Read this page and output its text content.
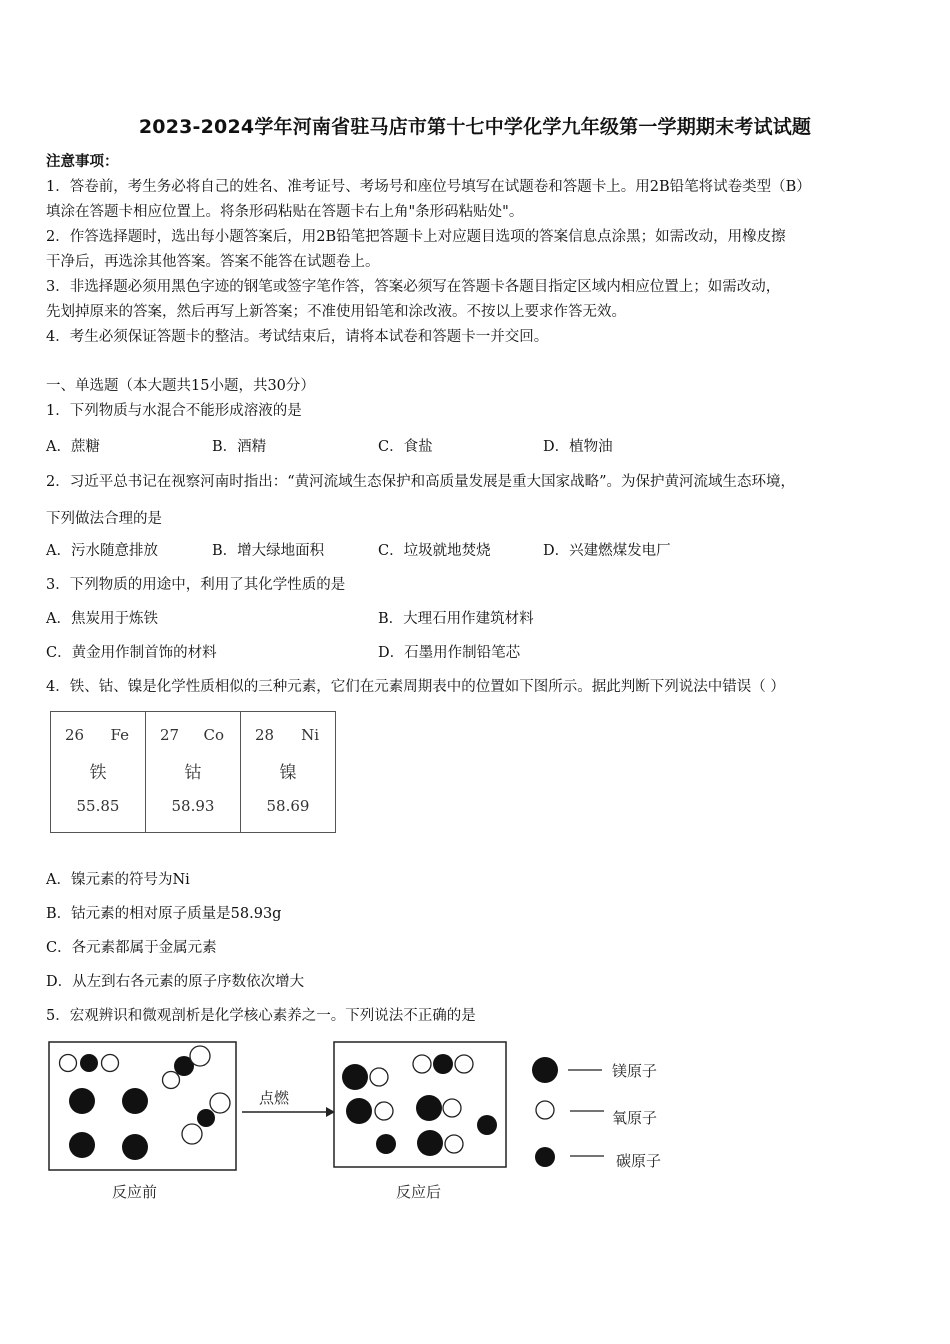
2023-2024学年河南省驻马店市第十七中学化学九年级第一学期期末考试试题
注意事项：
1．答卷前，考生务必将自己的姓名、准考证号、考场号和座位号填写在试题卷和答题卡上。用2B铅笔将试卷类型（B）
填涂在答题卡相应位置上。将条形码粘贴在答题卡右上角"条形码粘贴处"。
2．作答选择题时，选出每小题答案后，用2B铅笔把答题卡上对应题目选项的答案信息点涂黑；如需改动，用橡皮擦
干净后，再选涂其他答案。答案不能答在试题卷上。
3．非选择题必须用黑色字迹的钢笔或签字笔作答，答案必须写在答题卡各题目指定区域内相应位置上；如需改动，
先划掉原来的答案，然后再写上新答案；不准使用铅笔和涂改液。不按以上要求作答无效。
4．考生必须保证答题卡的整洁。考试结束后，请将本试卷和答题卡一并交回。
一、单选题（本大题共15小题，共30分）
1．下列物质与水混合不能形成溶液的是
A．蔗糖	B．酒精	C．食盐	D．植物油
2．习近平总书记在视察河南时指出：“黄河流域生态保护和高质量发展是重大国家战略”。为保护黄河流域生态环境，
下列做法合理的是
A．污水随意排放	B．增大绿地面积	C．垃圾就地焚烧	D．兴建燃煤发电厂
3．下列物质的用途中，利用了其化学性质的是
A．焦炭用于炼铁	B．大理石用作建筑材料
C．黄金用作制首饰的材料	D．石墨用作制铅笔芯
4．铁、钴、镍是化学性质相似的三种元素，它们在元素周期表中的位置如下图所示。据此判断下列说法中错误（ ）
26 Fe
铁
55.85

27 Co
钴
58.93

28 Ni
镍
58.69
A．镍元素的符号为Ni
B．钴元素的相对原子质量是58.93g
C．各元素都属于金属元素
D．从左到右各元素的原子序数依次增大
5．宏观辨识和微观剖析是化学核心素养之一。下列说法不正确的是
点燃
反应前	反应后
镁原子
氧原子
碳原子
